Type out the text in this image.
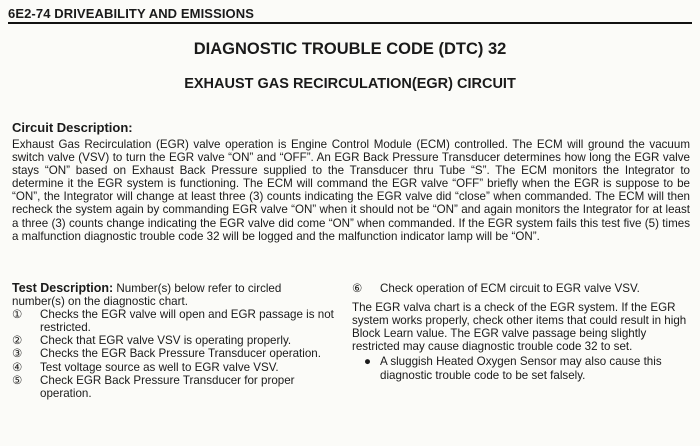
6E2-74 DRIVEABILITY AND EMISSIONS
DIAGNOSTIC TROUBLE CODE (DTC) 32
EXHAUST GAS RECIRCULATION(EGR) CIRCUIT
Circuit Description:
Exhaust Gas Recirculation (EGR) valve operation is Engine Control Module (ECM) controlled. The ECM will ground the vacuum switch valve (VSV) to turn the EGR valve “ON” and “OFF”. An EGR Back Pressure Transducer determines how long the EGR valve stays “ON” based on Exhaust Back Pressure supplied to the Transducer thru Tube “S”. The ECM monitors the Integrator to determine it the EGR system is functioning. The ECM will command the EGR valve “OFF” briefly when the EGR is suppose to be “ON”, the Integrator will change at least three (3) counts indicating the EGR valve did “close” when commanded. The ECM will then recheck the system again by commanding EGR valve “ON” when it should not be “ON” and again monitors the Integrator for at least a three (3) counts change indicating the EGR valve did come “ON” when commanded. If the EGR system fails this test five (5) times a malfunction diagnostic trouble code 32 will be logged and the malfunction indicator lamp will be “ON”.
Test Description: Number(s) below refer to circled number(s) on the diagnostic chart.
①	Checks the EGR valve will open and EGR passage is not restricted.
②	Check that EGR valve VSV is operating properly.
③	Checks the EGR Back Pressure Transducer operation.
④	Test voltage source as well to EGR valve VSV.
⑤	Check EGR Back Pressure Transducer for proper operation.
⑥ Check operation of ECM circuit to EGR valve VSV.
The EGR valva chart is a check of the EGR system. If the EGR system works properly, check other items that could result in high Block Learn value. The EGR valve passage being slightly restricted may cause diagnostic trouble code 32 to set.
● A sluggish Heated Oxygen Sensor may also cause this diagnostic trouble code to be set falsely.
